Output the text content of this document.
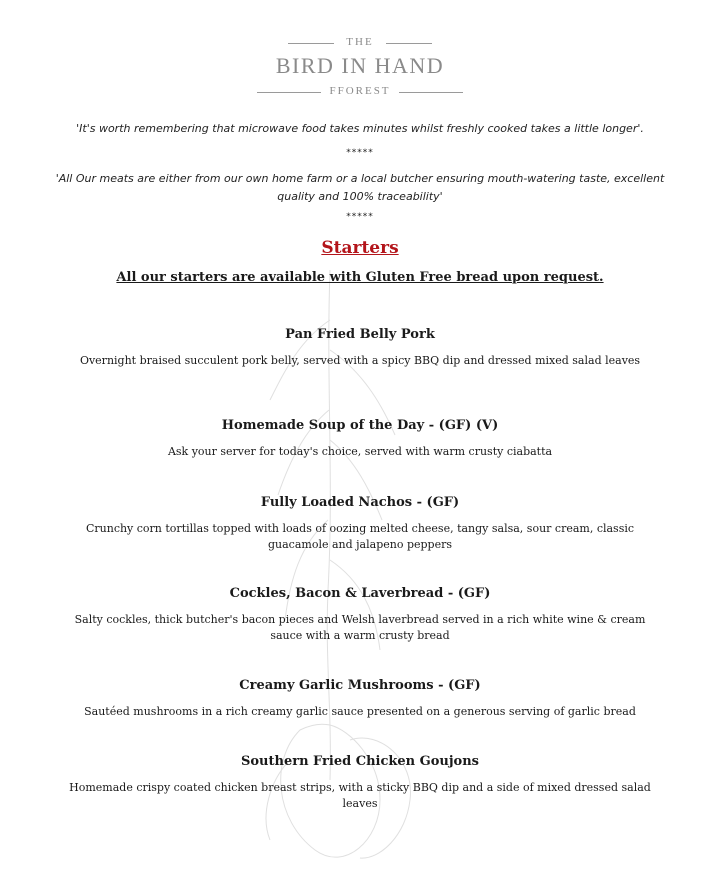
THE
BIRD IN HAND
FFOREST
'It's worth remembering that microwave food takes minutes whilst freshly cooked takes a little longer'.
*****
'All Our meats are either from our own home farm or a local butcher ensuring mouth-watering taste, excellent quality and 100% traceability'
*****
Starters
All our starters are available with Gluten Free bread upon request.
Pan Fried Belly Pork
Overnight braised succulent pork belly, served with a spicy BBQ dip and dressed mixed salad leaves
Homemade Soup of the Day - (GF) (V)
Ask your server for today's choice, served with warm crusty ciabatta
Fully Loaded Nachos - (GF)
Crunchy corn tortillas topped with loads of oozing melted cheese, tangy salsa, sour cream, classic guacamole and jalapeno peppers
Cockles, Bacon & Laverbread - (GF)
Salty cockles, thick butcher's bacon pieces and Welsh laverbread served in a rich white wine & cream sauce with a warm crusty bread
Creamy Garlic Mushrooms - (GF)
Sautéed mushrooms in a rich creamy garlic sauce presented on a generous serving of garlic bread
Southern Fried Chicken Goujons
Homemade crispy coated chicken breast strips, with a sticky BBQ dip and a side of mixed dressed salad leaves
